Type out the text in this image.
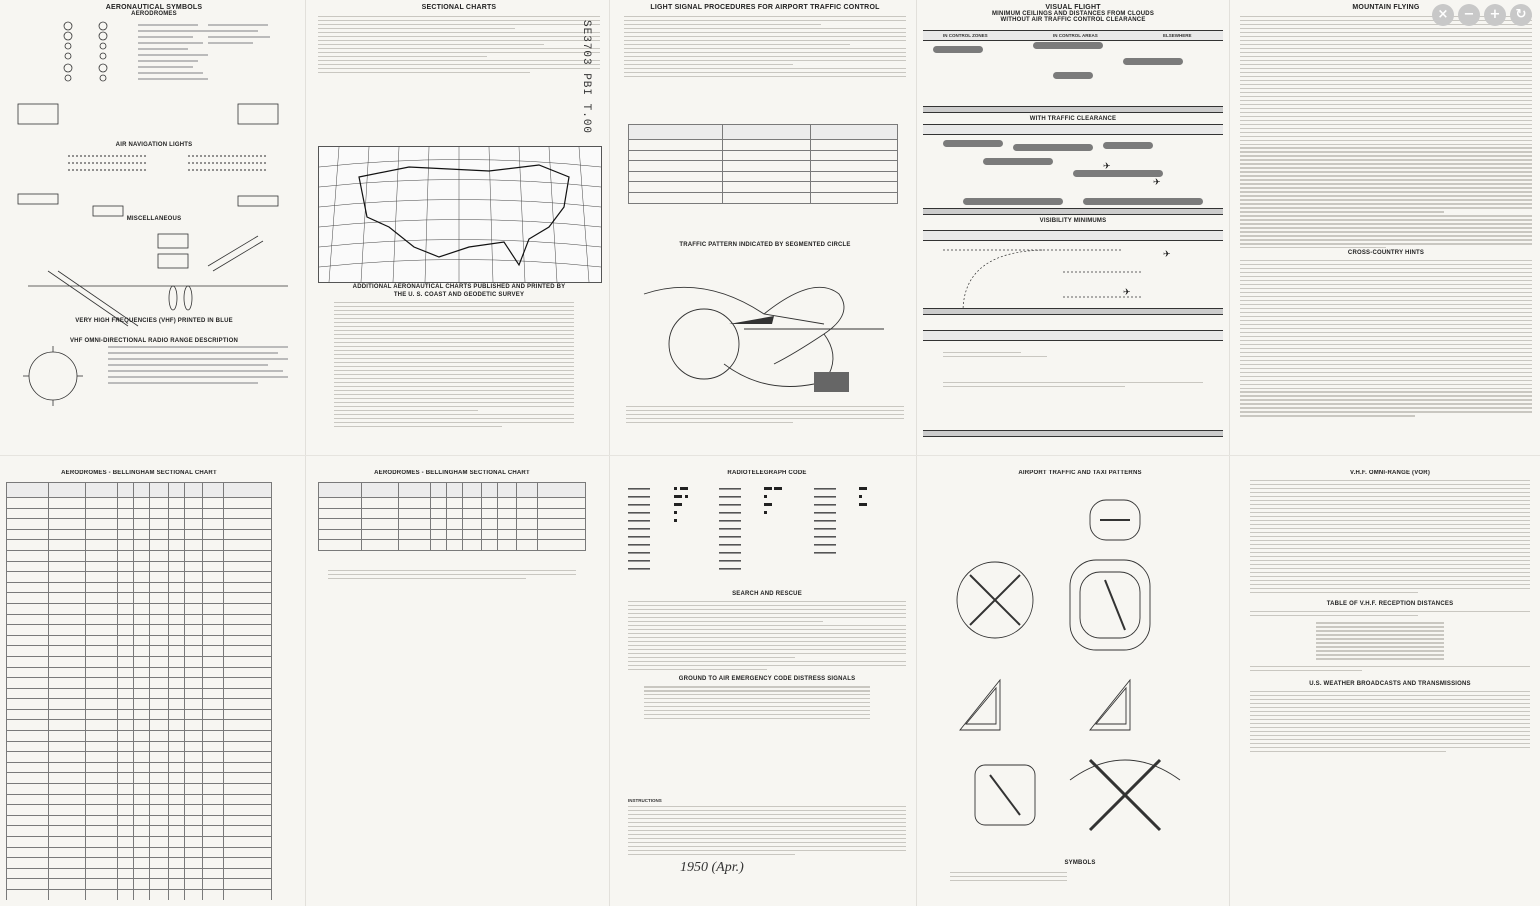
AERONAUTICAL SYMBOLS
AERODROMES
AIR NAVIGATION LIGHTS
MISCELLANEOUS
VERY HIGH FREQUENCIES (VHF) PRINTED IN BLUE
VHF OMNI-DIRECTIONAL RADIO RANGE DESCRIPTION
SECTIONAL CHARTS
ADDITIONAL AERONAUTICAL CHARTS PUBLISHED AND PRINTED BY
THE U. S. COAST AND GEODETIC SURVEY
SE3703 PBI T.00
LIGHT SIGNAL PROCEDURES FOR AIRPORT TRAFFIC CONTROL

TRAFFIC PATTERN INDICATED BY SEGMENTED CIRCLE
VISUAL FLIGHT
MINIMUM CEILINGS AND DISTANCES FROM CLOUDS
WITHOUT AIR TRAFFIC CONTROL CLEARANCE
IN CONTROL ZONES	IN CONTROL AREAS	ELSEWHERE
WITH TRAFFIC CLEARANCE
✈
✈
VISIBILITY MINIMUMS
✈
✈
MOUNTAIN FLYING
CROSS-COUNTRY HINTS
×	−	+	↻
AERODROMES - BELLINGHAM SECTIONAL CHART

										AERODROMES - BELLINGHAM SECTIONAL CHART

										RADIOTELEGRAPH CODE
SEARCH AND RESCUE
GROUND TO AIR EMERGENCY CODE DISTRESS SIGNALS
INSTRUCTIONS
1950 (Apr.)
AIRPORT TRAFFIC AND TAXI PATTERNS
SYMBOLS
V.H.F. OMNI-RANGE (VOR)
TABLE OF V.H.F. RECEPTION DISTANCES
U.S. WEATHER BROADCASTS AND TRANSMISSIONS
